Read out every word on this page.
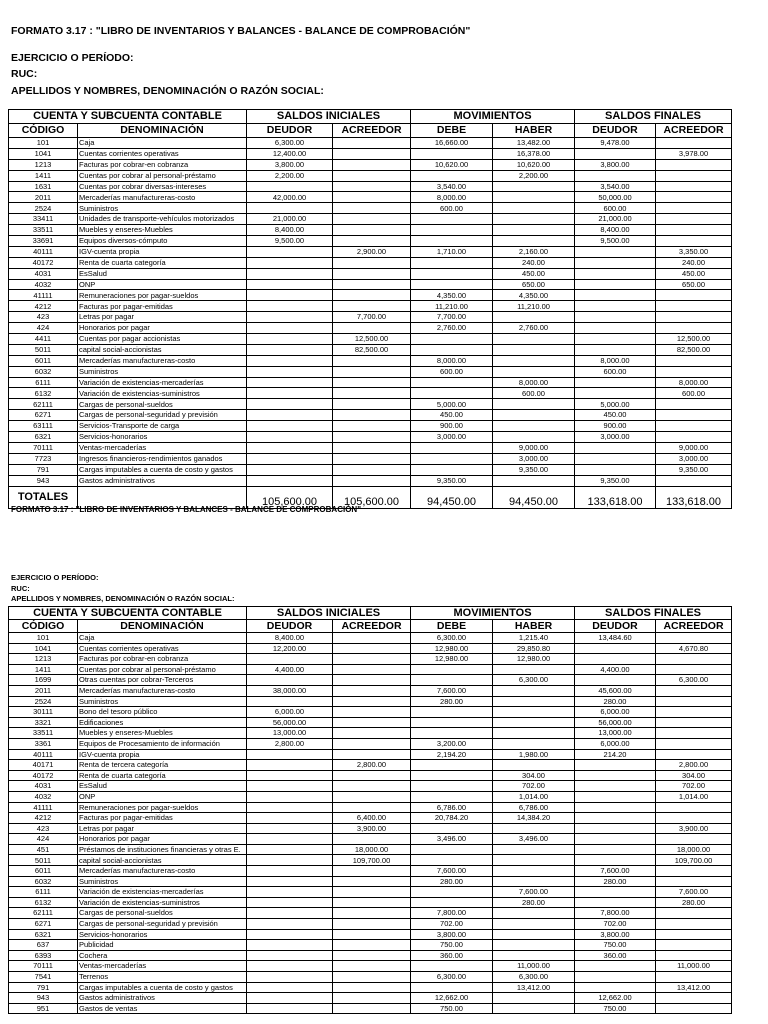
FORMATO 3.17 : "LIBRO DE INVENTARIOS Y BALANCES - BALANCE DE COMPROBACIÓN"
EJERCICIO O PERÍODO:
RUC:
APELLIDOS Y NOMBRES, DENOMINACIÓN O RAZÓN SOCIAL:
CUENTA Y SUBCUENTA CONTABLE		SALDOS INICIALES		MOVIMIENTOS		SALDOS FINALES	
CÓDIGO	DENOMINACIÓN	DEUDOR	ACREEDOR	DEBE	HABER	DEUDOR	ACREEDOR
101	Caja	6,300.00		16,660.00	13,482.00	9,478.00	
1041	Cuentas corrientes operativas	12,400.00			16,378.00		3,978.00
1213	Facturas por cobrar-en cobranza	3,800.00		10,620.00	10,620.00	3,800.00	
1411	Cuentas por cobrar al personal-préstamo	2,200.00			2,200.00		
1631	Cuentas por cobrar diversas-intereses			3,540.00		3,540.00	
2011	Mercaderías manufactureras-costo	42,000.00		8,000.00		50,000.00	
2524	Suministros			600.00		600.00	
33411	Unidades de transporte-vehículos motorizados	21,000.00				21,000.00	
33511	Muebles y enseres-Muebles	8,400.00				8,400.00	
33691	Equipos diversos-cómputo	9,500.00				9,500.00	
40111	IGV-cuenta propia		2,900.00	1,710.00	2,160.00		3,350.00
40172	Renta de cuarta categoría				240.00		240.00
4031	EsSalud				450.00		450.00
4032	ONP				650.00		650.00
41111	Remuneraciones por pagar-sueldos			4,350.00	4,350.00		
4212	Facturas por pagar-emitidas			11,210.00	11,210.00		
423	Letras por pagar		7,700.00	7,700.00			
424	Honorarios por pagar			2,760.00	2,760.00		
4411	Cuentas por pagar accionistas		12,500.00				12,500.00
5011	capital social-accionistas		82,500.00				82,500.00
6011	Mercaderías manufactureras-costo			8,000.00		8,000.00	
6032	Suministros			600.00		600.00	
6111	Variación de existencias-mercaderías				8,000.00		8,000.00
6132	Variación de existencias-suministros				600.00		600.00
62111	Cargas de personal-sueldos			5,000.00		5,000.00	
6271	Cargas de personal-seguridad y previsión			450.00		450.00	
63111	Servicios-Transporte de carga			900.00		900.00	
6321	Servicios-honorarios			3,000.00		3,000.00	
70111	Ventas-mercaderías				9,000.00		9,000.00
7723	Ingresos financieros-rendimientos ganados				3,000.00		3,000.00
791	Cargas imputables a cuenta de costo y gastos				9,350.00		9,350.00
943	Gastos administrativos			9,350.00		9,350.00	
TOTALES		105,600.00	105,600.00	94,450.00	94,450.00	133,618.00	133,618.00
FORMATO 3.17 : "LIBRO DE INVENTARIOS Y BALANCES - BALANCE DE COMPROBACIÓN"
EJERCICIO O PERÍODO:
RUC:
APELLIDOS Y NOMBRES, DENOMINACIÓN O RAZÓN SOCIAL:
CUENTA Y SUBCUENTA CONTABLE		SALDOS INICIALES		MOVIMIENTOS		SALDOS FINALES	
CÓDIGO	DENOMINACIÓN	DEUDOR	ACREEDOR	DEBE	HABER	DEUDOR	ACREEDOR
101	Caja	8,400.00		6,300.00	1,215.40	13,484.60	
1041	Cuentas corrientes operativas	12,200.00		12,980.00	29,850.80		4,670.80
1213	Facturas por cobrar-en cobranza			12,980.00	12,980.00		
1411	Cuentas por cobrar al personal-préstamo	4,400.00				4,400.00	
1699	Otras cuentas por cobrar-Terceros				6,300.00		6,300.00
2011	Mercaderías manufactureras-costo	38,000.00		7,600.00		45,600.00	
2524	Suministros			280.00		280.00	
30111	Bono del tesoro público	6,000.00				6,000.00	
3321	Edificaciones	56,000.00				56,000.00	
33511	Muebles y enseres-Muebles	13,000.00				13,000.00	
3361	Equipos de Procesamiento de información	2,800.00		3,200.00		6,000.00	
40111	IGV-cuenta propia			2,194.20	1,980.00	214.20	
40171	Renta de tercera categoría		2,800.00				2,800.00
40172	Renta de cuarta categoría				304.00		304.00
4031	EsSalud				702.00		702.00
4032	ONP				1,014.00		1,014.00
41111	Remuneraciones por pagar-sueldos			6,786.00	6,786.00		
4212	Facturas por pagar-emitidas		6,400.00	20,784.20	14,384.20		
423	Letras por pagar		3,900.00				3,900.00
424	Honorarios por pagar			3,496.00	3,496.00		
451	Préstamos de instituciones financieras y otras E.		18,000.00				18,000.00
5011	capital social-accionistas		109,700.00				109,700.00
6011	Mercaderías manufactureras-costo			7,600.00		7,600.00	
6032	Suministros			280.00		280.00	
6111	Variación de existencias-mercaderías				7,600.00		7,600.00
6132	Variación de existencias-suministros				280.00		280.00
62111	Cargas de personal-sueldos			7,800.00		7,800.00	
6271	Cargas de personal-seguridad y previsión			702.00		702.00	
6321	Servicios-honorarios			3,800.00		3,800.00	
637	Publicidad			750.00		750.00	
6393	Cochera			360.00		360.00	
70111	Ventas-mercaderías				11,000.00		11,000.00
7541	Terrenos			6,300.00	6,300.00		
791	Cargas imputables a cuenta de costo y gastos				13,412.00		13,412.00
943	Gastos administrativos			12,662.00		12,662.00	
951	Gastos de ventas			750.00		750.00	
